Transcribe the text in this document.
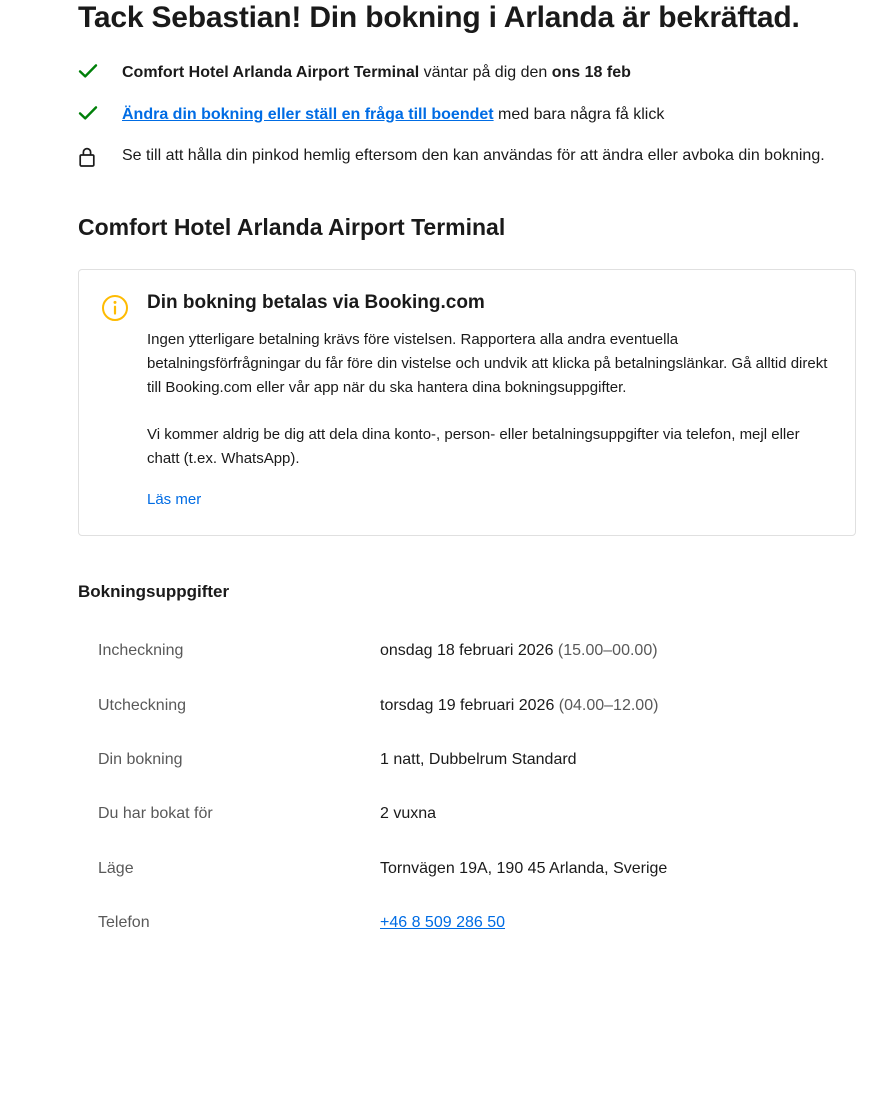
Tack Sebastian! Din bokning i Arlanda är bekräftad.
Comfort Hotel Arlanda Airport Terminal väntar på dig den ons 18 feb
Ändra din bokning eller ställ en fråga till boendet med bara några få klick
Se till att hålla din pinkod hemlig eftersom den kan användas för att ändra eller avboka din bokning.
Comfort Hotel Arlanda Airport Terminal
Din bokning betalas via Booking.com

Ingen ytterligare betalning krävs före vistelsen. Rapportera alla andra eventuella betalningsförfrågningar du får före din vistelse och undvik att klicka på betalningslänkar. Gå alltid direkt till Booking.com eller vår app när du ska hantera dina bokningsuppgifter.

Vi kommer aldrig be dig att dela dina konto-, person- eller betalningsuppgifter via telefon, mejl eller chatt (t.ex. WhatsApp).

Läs mer
Bokningsuppgifter
Incheckning	onsdag 18 februari 2026 (15.00–00.00)
Utcheckning	torsdag 19 februari 2026 (04.00–12.00)
Din bokning	1 natt, Dubbelrum Standard
Du har bokat för	2 vuxna
Läge	Tornvägen 19A, 190 45 Arlanda, Sverige
Telefon	+46 8 509 286 50
